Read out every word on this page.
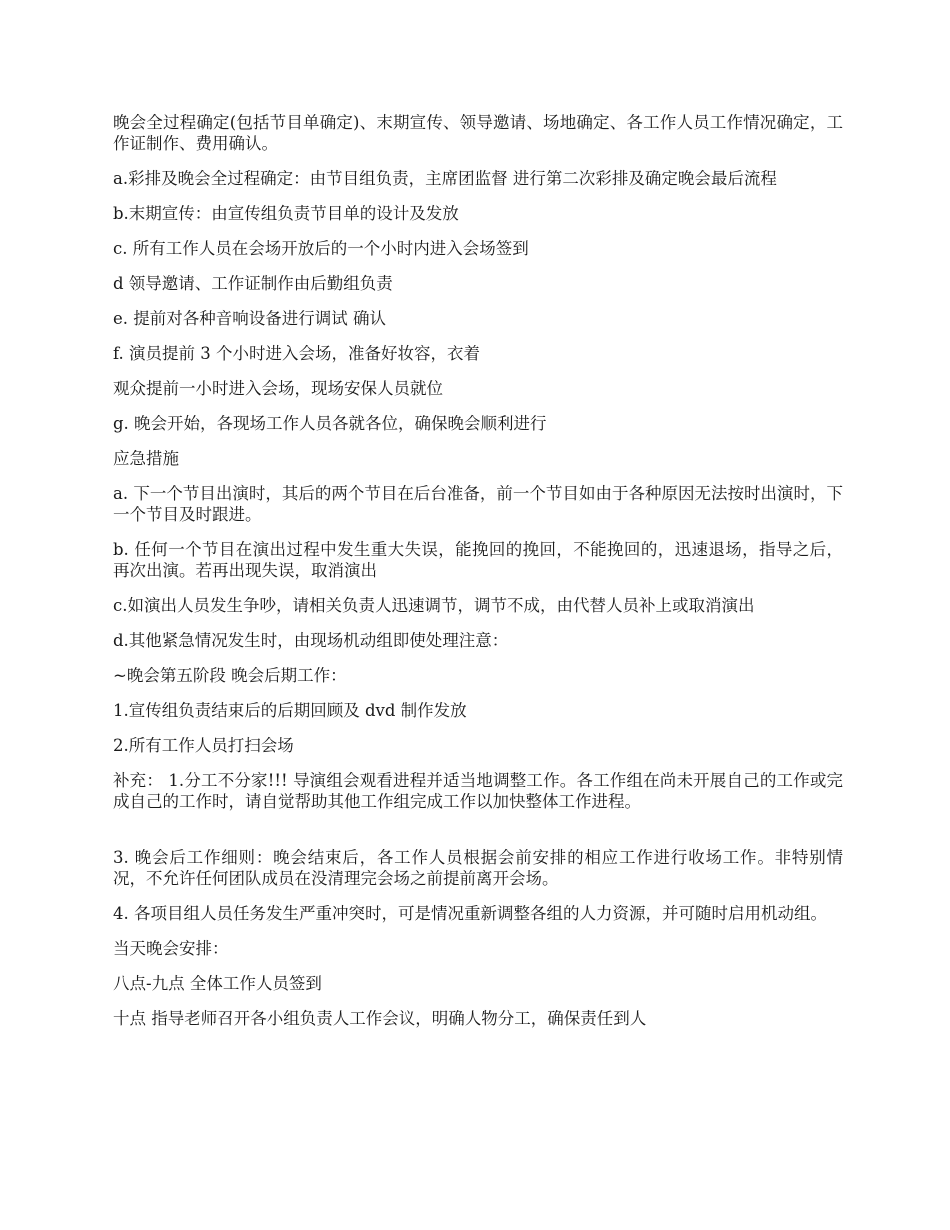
晚会全过程确定(包括节目单确定)、末期宣传、领导邀请、场地确定、各工作人员工作情况确定，工作证制作、费用确认。

a.彩排及晚会全过程确定：由节目组负责，主席团监督 进行第二次彩排及确定晚会最后流程

b.末期宣传：由宣传组负责节目单的设计及发放

c. 所有工作人员在会场开放后的一个小时内进入会场签到

d 领导邀请、工作证制作由后勤组负责

e. 提前对各种音响设备进行调试 确认

f. 演员提前 3 个小时进入会场，准备好妆容，衣着

观众提前一小时进入会场，现场安保人员就位

g. 晚会开始，各现场工作人员各就各位，确保晚会顺利进行

应急措施

a. 下一个节目出演时，其后的两个节目在后台准备，前一个节目如由于各种原因无法按时出演时，下一个节目及时跟进。

b. 任何一个节目在演出过程中发生重大失误，能挽回的挽回，不能挽回的，迅速退场，指导之后，再次出演。若再出现失误，取消演出

c.如演出人员发生争吵，请相关负责人迅速调节，调节不成，由代替人员补上或取消演出

d.其他紧急情况发生时，由现场机动组即使处理注意：

~晚会第五阶段 晚会后期工作：

1.宣传组负责结束后的后期回顾及 dvd 制作发放

2.所有工作人员打扫会场

补充： 1.分工不分家!!! 导演组会观看进程并适当地调整工作。各工作组在尚未开展自己的工作或完成自己的工作时，请自觉帮助其他工作组完成工作以加快整体工作进程。

3. 晚会后工作细则：晚会结束后，各工作人员根据会前安排的相应工作进行收场工作。非特别情况，不允许任何团队成员在没清理完会场之前提前离开会场。

4. 各项目组人员任务发生严重冲突时，可是情况重新调整各组的人力资源，并可随时启用机动组。

当天晚会安排：

八点-九点 全体工作人员签到

十点 指导老师召开各小组负责人工作会议，明确人物分工，确保责任到人
